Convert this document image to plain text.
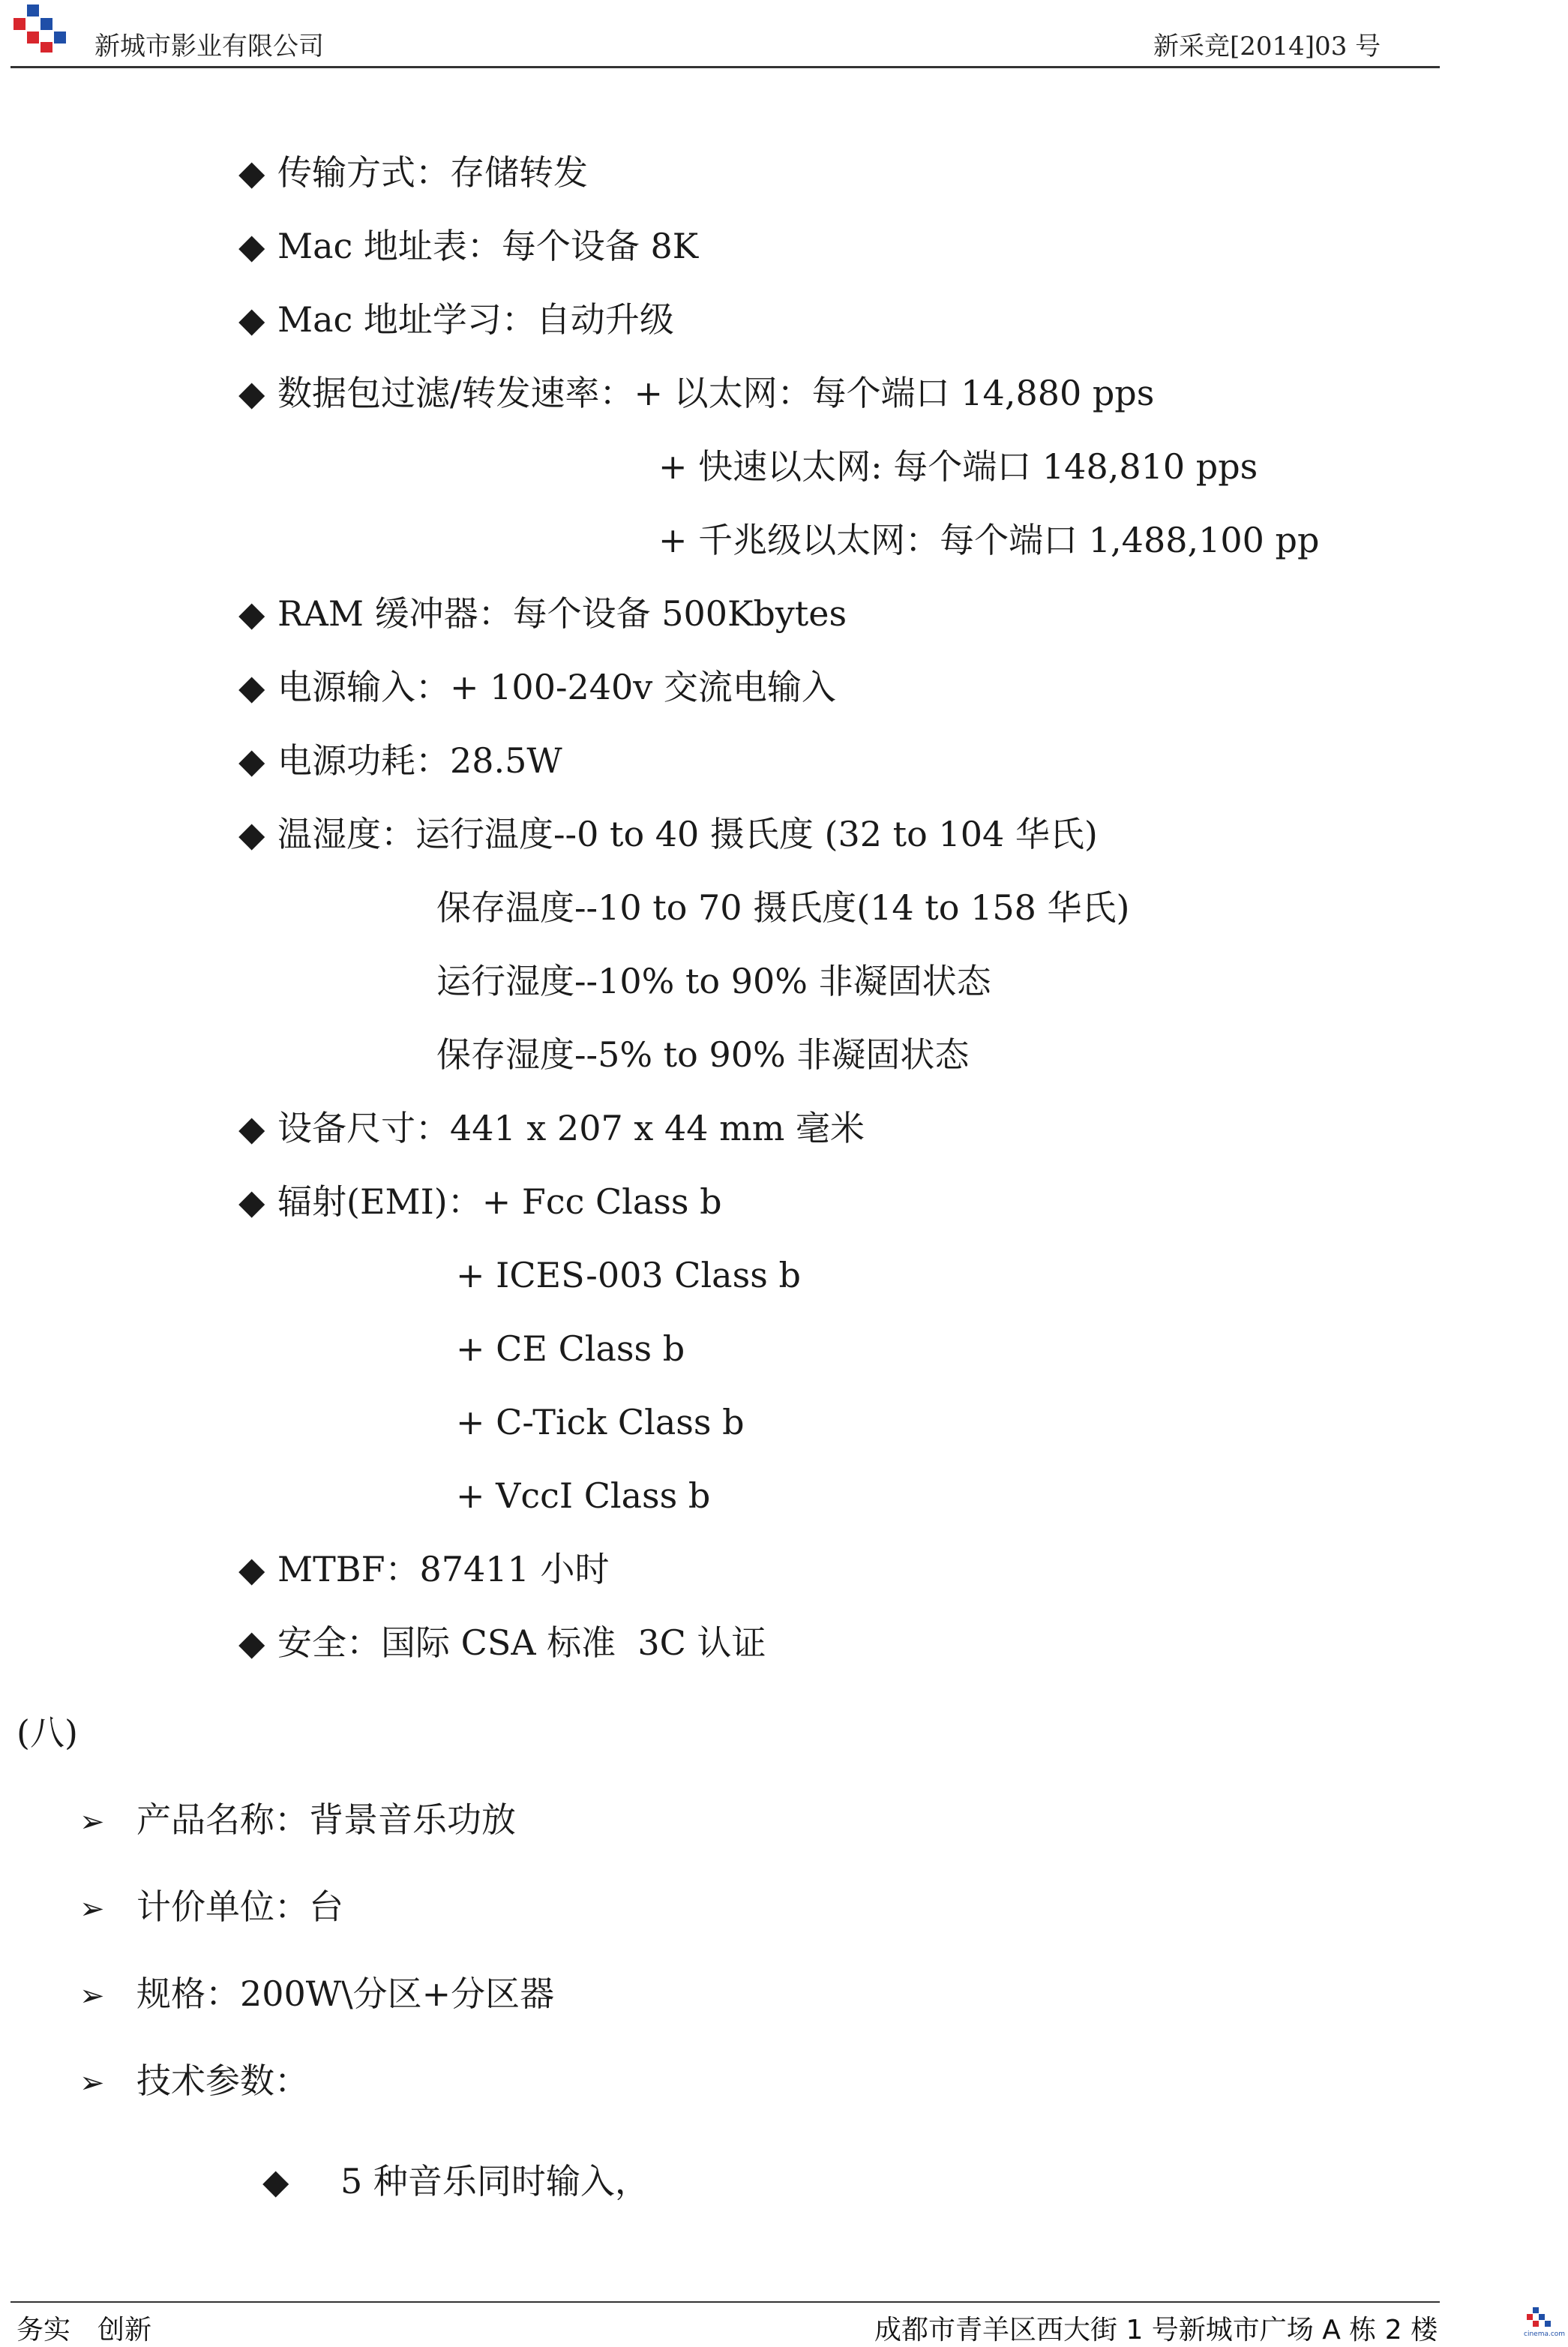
新城市影业有限公司	新采竞[2014]03 号
◆ 传输方式：存储转发
◆ Mac 地址表：每个设备 8K
◆ Mac 地址学习：自动升级
◆ 数据包过滤/转发速率：+ 以太网：每个端口 14,880 pps
+ 快速以太网: 每个端口 148,810 pps
+ 千兆级以太网：每个端口 1,488,100 pp
◆ RAM 缓冲器：每个设备 500Kbytes
◆ 电源输入：+ 100-240v 交流电输入
◆ 电源功耗：28.5W
◆ 温湿度：运行温度--0 to 40 摄氏度 (32 to 104 华氏)
保存温度--10 to 70 摄氏度(14 to 158 华氏)
运行湿度--10% to 90% 非凝固状态
保存湿度--5% to 90% 非凝固状态
◆ 设备尺寸：441 x 207 x 44 mm 毫米
◆ 辐射(EMI)：+ Fcc Class b
+ ICES-003 Class b
+ CE Class b
+ C-Tick Class b
+ VccI Class b
◆ MTBF：87411 小时
◆ 安全：国际 CSA 标准  3C 认证
(八)
➢ 产品名称：背景音乐功放
➢ 计价单位：台
➢ 规格：200W\分区+分区器
➢ 技术参数：
◆ 5 种音乐同时输入，
务实 创新	成都市青羊区西大街 1 号新城市广场 A 栋 2 楼	cinema.com
